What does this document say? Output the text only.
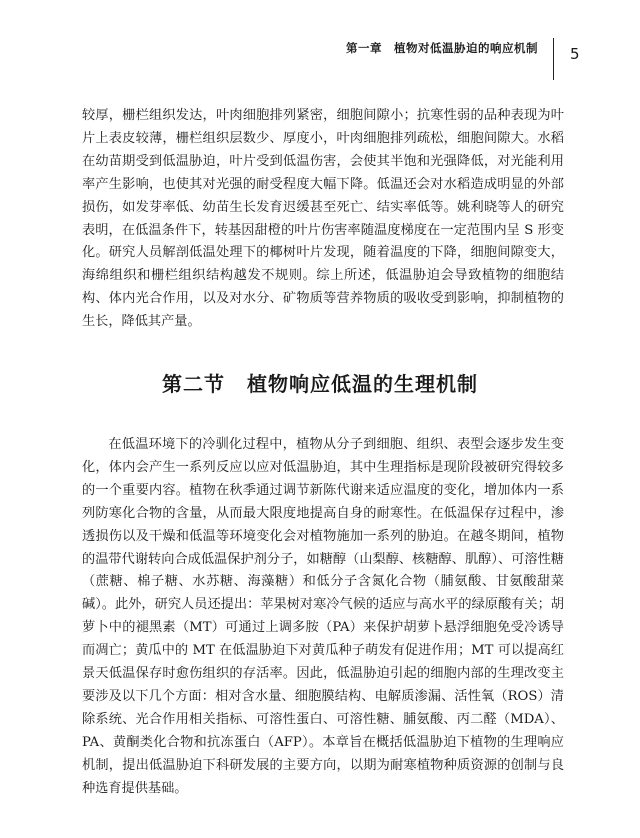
第一章　植物对低温胁迫的响应机制 5

较厚，栅栏组织发达，叶肉细胞排列紧密，细胞间隙小；抗寒性弱的品种表现为叶片上表皮较薄，栅栏组织层数少、厚度小，叶肉细胞排列疏松，细胞间隙大。水稻在幼苗期受到低温胁迫，叶片受到低温伤害，会使其半饱和光强降低，对光能利用率产生影响，也使其对光强的耐受程度大幅下降。低温还会对水稻造成明显的外部损伤，如发芽率低、幼苗生长发育迟缓甚至死亡、结实率低等。姚利晓等人的研究表明，在低温条件下，转基因甜橙的叶片伤害率随温度梯度在一定范围内呈 S 形变化。研究人员解剖低温处理下的椰树叶片发现，随着温度的下降，细胞间隙变大，海绵组织和栅栏组织结构越发不规则。综上所述，低温胁迫会导致植物的细胞结构、体内光合作用，以及对水分、矿物质等营养物质的吸收受到影响，抑制植物的生长，降低其产量。

第二节 植物响应低温的生理机制

在低温环境下的冷驯化过程中，植物从分子到细胞、组织、表型会逐步发生变化，体内会产生一系列反应以应对低温胁迫，其中生理指标是现阶段被研究得较多的一个重要内容。植物在秋季通过调节新陈代谢来适应温度的变化，增加体内一系列防寒化合物的含量，从而最大限度地提高自身的耐寒性。在低温保存过程中，渗透损伤以及干燥和低温等环境变化会对植物施加一系列的胁迫。在越冬期间，植物的温带代谢转向合成低温保护剂分子，如糖醇（山梨醇、核糖醇、肌醇）、可溶性糖（蔗糖、棉子糖、水苏糖、海藻糖）和低分子含氮化合物（脯氨酸、甘氨酸甜菜碱）。此外，研究人员还提出：苹果树对寒冷气候的适应与高水平的绿原酸有关；胡萝卜中的褪黑素（MT）可通过上调多胺（PA）来保护胡萝卜悬浮细胞免受冷诱导而凋亡；黄瓜中的 MT 在低温胁迫下对黄瓜种子萌发有促进作用；MT 可以提高红景天低温保存时愈伤组织的存活率。因此，低温胁迫引起的细胞内部的生理改变主要涉及以下几个方面：相对含水量、细胞膜结构、电解质渗漏、活性氧（ROS）清除系统、光合作用相关指标、可溶性蛋白、可溶性糖、脯氨酸、丙二醛（MDA）、PA、黄酮类化合物和抗冻蛋白（AFP）。本章旨在概括低温胁迫下植物的生理响应机制，提出低温胁迫下科研发展的主要方向，以期为耐寒植物种质资源的创制与良种选育提供基础。
